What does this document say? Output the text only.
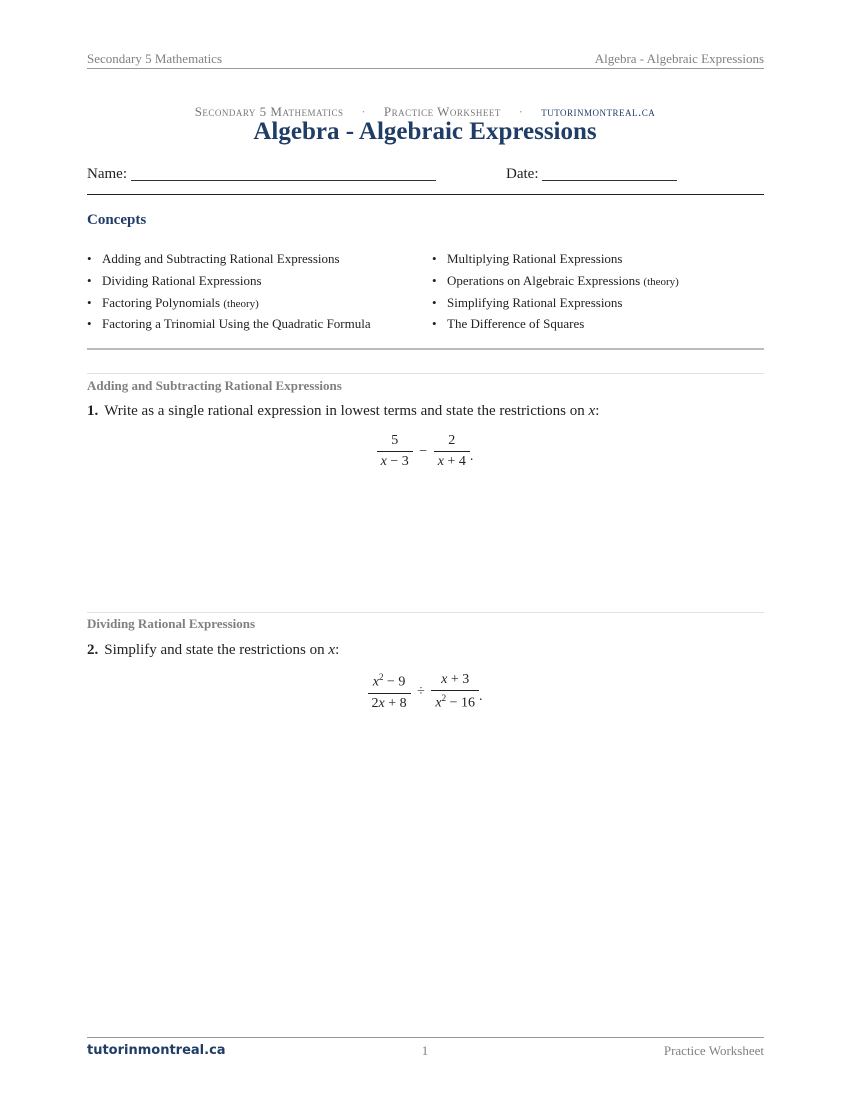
Secondary 5 Mathematics	Algebra - Algebraic Expressions
Secondary 5 Mathematics · Practice Worksheet · tutorinmontreal.ca
Algebra - Algebraic Expressions
Name:	Date:
Concepts
• Adding and Subtracting Rational Expressions
• Dividing Rational Expressions
• Factoring Polynomials (theory)
• Factoring a Trinomial Using the Quadratic Formula
• Multiplying Rational Expressions
• Operations on Algebraic Expressions (theory)
• Simplifying Rational Expressions
• The Difference of Squares
Adding and Subtracting Rational Expressions
1. Write as a single rational expression in lowest terms and state the restrictions on x:
$\frac{5}{x - 3} - \frac{2}{x + 4}$ .
Dividing Rational Expressions
2. Simplify and state the restrictions on x:
$\frac{x^2 - 9}{2x + 8} \div \frac{x + 3}{x^2 - 16}$ .
tutorinmontreal.ca	1	Practice Worksheet
